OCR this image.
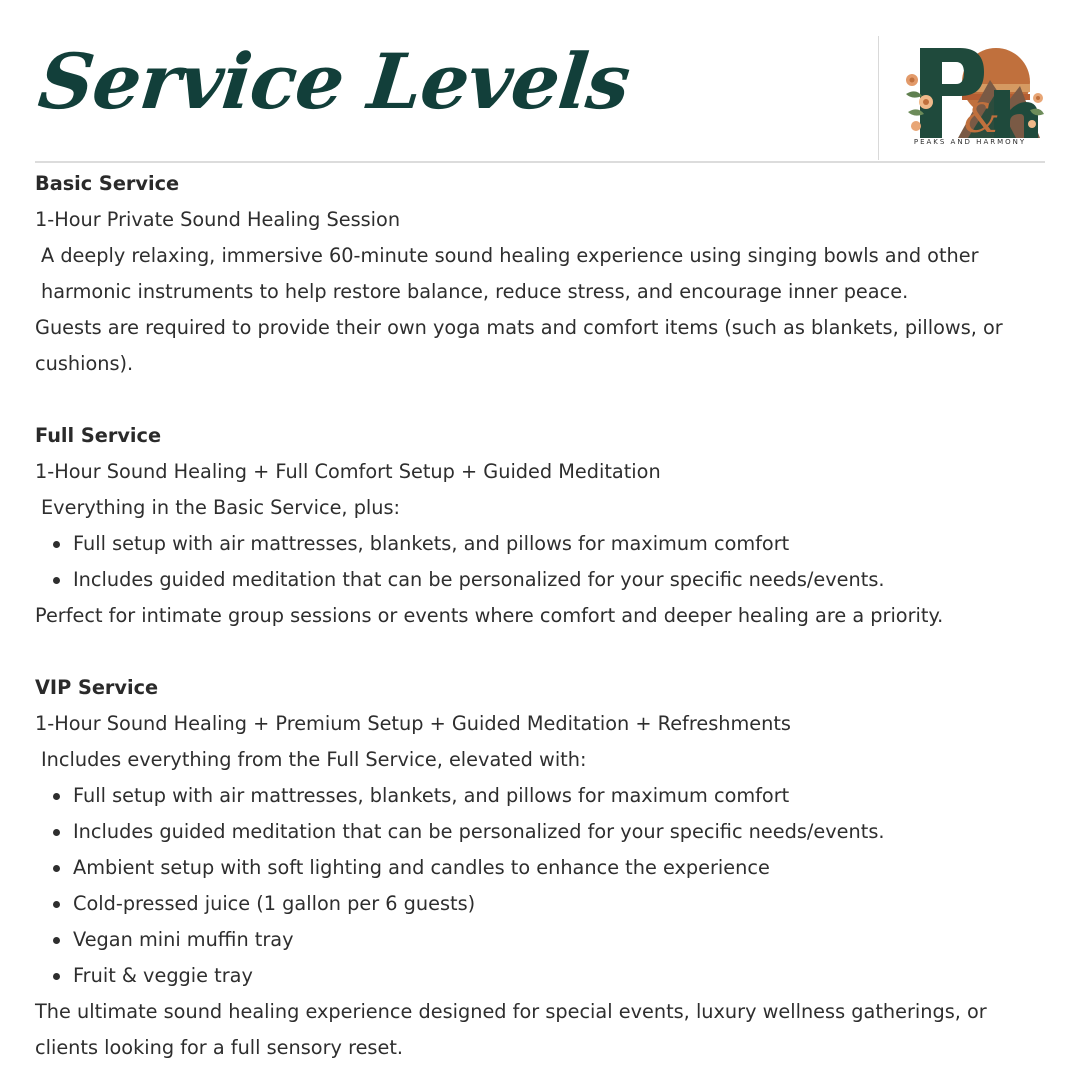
Service Levels	&
PEAKS AND HARMONY

Basic Service

1-Hour Private Sound Healing Session

A deeply relaxing, immersive 60-minute sound healing experience using singing bowls and other harmonic instruments to help restore balance, reduce stress, and encourage inner peace.

Guests are required to provide their own yoga mats and comfort items (such as blankets, pillows, or cushions).

Full Service

1-Hour Sound Healing + Full Comfort Setup + Guided Meditation

Everything in the Basic Service, plus:

Full setup with air mattresses, blankets, and pillows for maximum comfort
Includes guided meditation that can be personalized for your specific needs/events.

Perfect for intimate group sessions or events where comfort and deeper healing are a priority.

VIP Service

1-Hour Sound Healing + Premium Setup + Guided Meditation + Refreshments

Includes everything from the Full Service, elevated with:

Full setup with air mattresses, blankets, and pillows for maximum comfort
Includes guided meditation that can be personalized for your specific needs/events.
Ambient setup with soft lighting and candles to enhance the experience
Cold-pressed juice (1 gallon per 6 guests)
Vegan mini muffin tray
Fruit & veggie tray

The ultimate sound healing experience designed for special events, luxury wellness gatherings, or clients looking for a full sensory reset.
